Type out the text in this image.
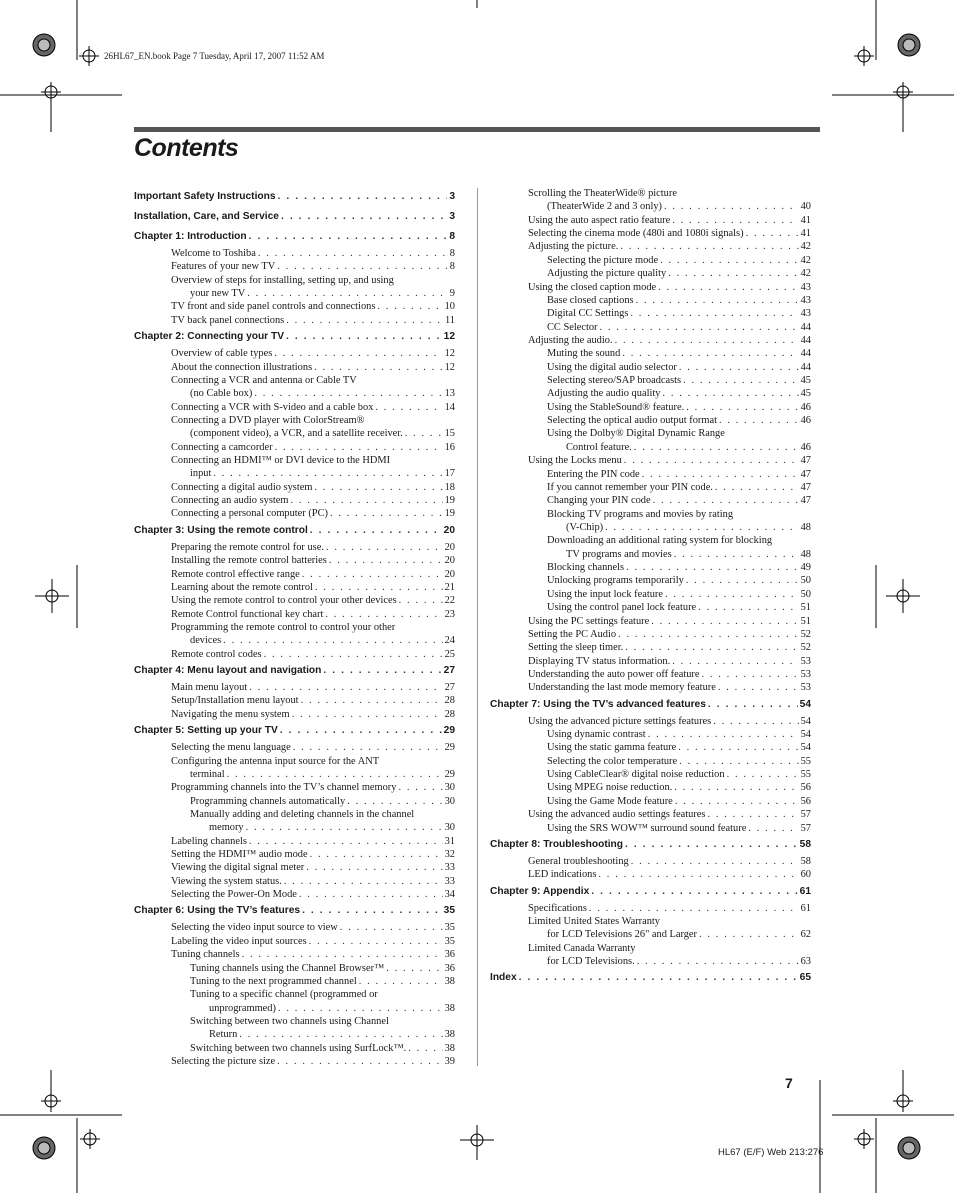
26HL67_EN.book Page 7 Tuesday, April 17, 2007 11:52 AM
Contents
Important Safety Instructions . . .	3
Installation, Care, and Service . . .	3
Chapter 1: Introduction . . .	8
Welcome to Toshiba . . .	8
Features of your new TV . . .	8
Overview of steps for installing, setting up, and using
your new TV . . .	9
TV front and side panel controls and connections . . .	10
TV back panel connections . . .	11
Chapter 2: Connecting your TV . . .	12
Overview of cable types . . .	12
About the connection illustrations . . .	12
Connecting a VCR and antenna or Cable TV
(no Cable box) . . .	13
Connecting a VCR with S-video and a cable box . . .	14
Connecting a DVD player with ColorStream®
(component video), a VCR, and a satellite receiver. . . .	15
Connecting a camcorder . . .	16
Connecting an HDMI™ or DVI device to the HDMI
input . . .	17
Connecting a digital audio system . . .	18
Connecting an audio system . . .	19
Connecting a personal computer (PC) . . .	19
Chapter 3: Using the remote control . . .	20
Preparing the remote control for use. . . .	20
Installing the remote control batteries . . .	20
Remote control effective range . . .	20
Learning about the remote control . . .	21
Using the remote control to control your other devices . . .	22
Remote Control functional key chart . . .	23
Programming the remote control to control your other
devices . . .	24
Remote control codes . . .	25
Chapter 4: Menu layout and navigation . . .	27
Main menu layout . . .	27
Setup/Installation menu layout . . .	28
Navigating the menu system . . .	28
Chapter 5: Setting up your TV . . .	29
Selecting the menu language . . .	29
Configuring the antenna input source for the ANT
terminal . . .	29
Programming channels into the TV’s channel memory . . .	30
Programming channels automatically . . .	30
Manually adding and deleting channels in the channel
memory . . .	30
Labeling channels . . .	31
Setting the HDMI™ audio mode . . .	32
Viewing the digital signal meter . . .	33
Viewing the system status. . . .	33
Selecting the Power-On Mode . . .	34
Chapter 6: Using the TV’s features . . .	35
Selecting the video input source to view . . .	35
Labeling the video input sources . . .	35
Tuning channels . . .	36
Tuning channels using the Channel Browser™ . . .	36
Tuning to the next programmed channel . . .	38
Tuning to a specific channel (programmed or
unprogrammed) . . .	38
Switching between two channels using Channel
Return . . .	38
Switching between two channels using SurfLock™. . . .	38
Selecting the picture size . . .	39
Scrolling the TheaterWide® picture
(TheaterWide 2 and 3 only) . . .	40
Using the auto aspect ratio feature . . .	41
Selecting the cinema mode (480i and 1080i signals) . . .	41
Adjusting the picture. . . .	42
Selecting the picture mode . . .	42
Adjusting the picture quality . . .	42
Using the closed caption mode . . .	43
Base closed captions . . .	43
Digital CC Settings . . .	43
CC Selector . . .	44
Adjusting the audio. . . .	44
Muting the sound . . .	44
Using the digital audio selector . . .	44
Selecting stereo/SAP broadcasts . . .	45
Adjusting the audio quality . . .	45
Using the StableSound® feature. . . .	46
Selecting the optical audio output format . . .	46
Using the Dolby® Digital Dynamic Range
Control feature. . . .	46
Using the Locks menu . . .	47
Entering the PIN code . . .	47
If you cannot remember your PIN code. . . .	47
Changing your PIN code . . .	47
Blocking TV programs and movies by rating
(V-Chip) . . .	48
Downloading an additional rating system for blocking
TV programs and movies . . .	48
Blocking channels . . .	49
Unlocking programs temporarily . . .	50
Using the input lock feature . . .	50
Using the control panel lock feature . . .	51
Using the PC settings feature . . .	51
Setting the PC Audio . . .	52
Setting the sleep timer. . . .	52
Displaying TV status information. . . .	53
Understanding the auto power off feature . . .	53
Understanding the last mode memory feature . . .	53
Chapter 7: Using the TV’s advanced features . . .	54
Using the advanced picture settings features . . .	54
Using dynamic contrast . . .	54
Using the static gamma feature . . .	54
Selecting the color temperature . . .	55
Using CableClear® digital noise reduction . . .	55
Using MPEG noise reduction. . . .	56
Using the Game Mode feature . . .	56
Using the advanced audio settings features . . .	57
Using the SRS WOW™ surround sound feature . . .	57
Chapter 8: Troubleshooting . . .	58
General troubleshooting . . .	58
LED indications . . .	60
Chapter 9: Appendix . . .	61
Specifications . . .	61
Limited United States Warranty
for LCD Televisions 26" and Larger . . .	62
Limited Canada Warranty
for LCD Televisions. . . .	63
Index . . .	65
7
HL67 (E/F) Web 213:276
